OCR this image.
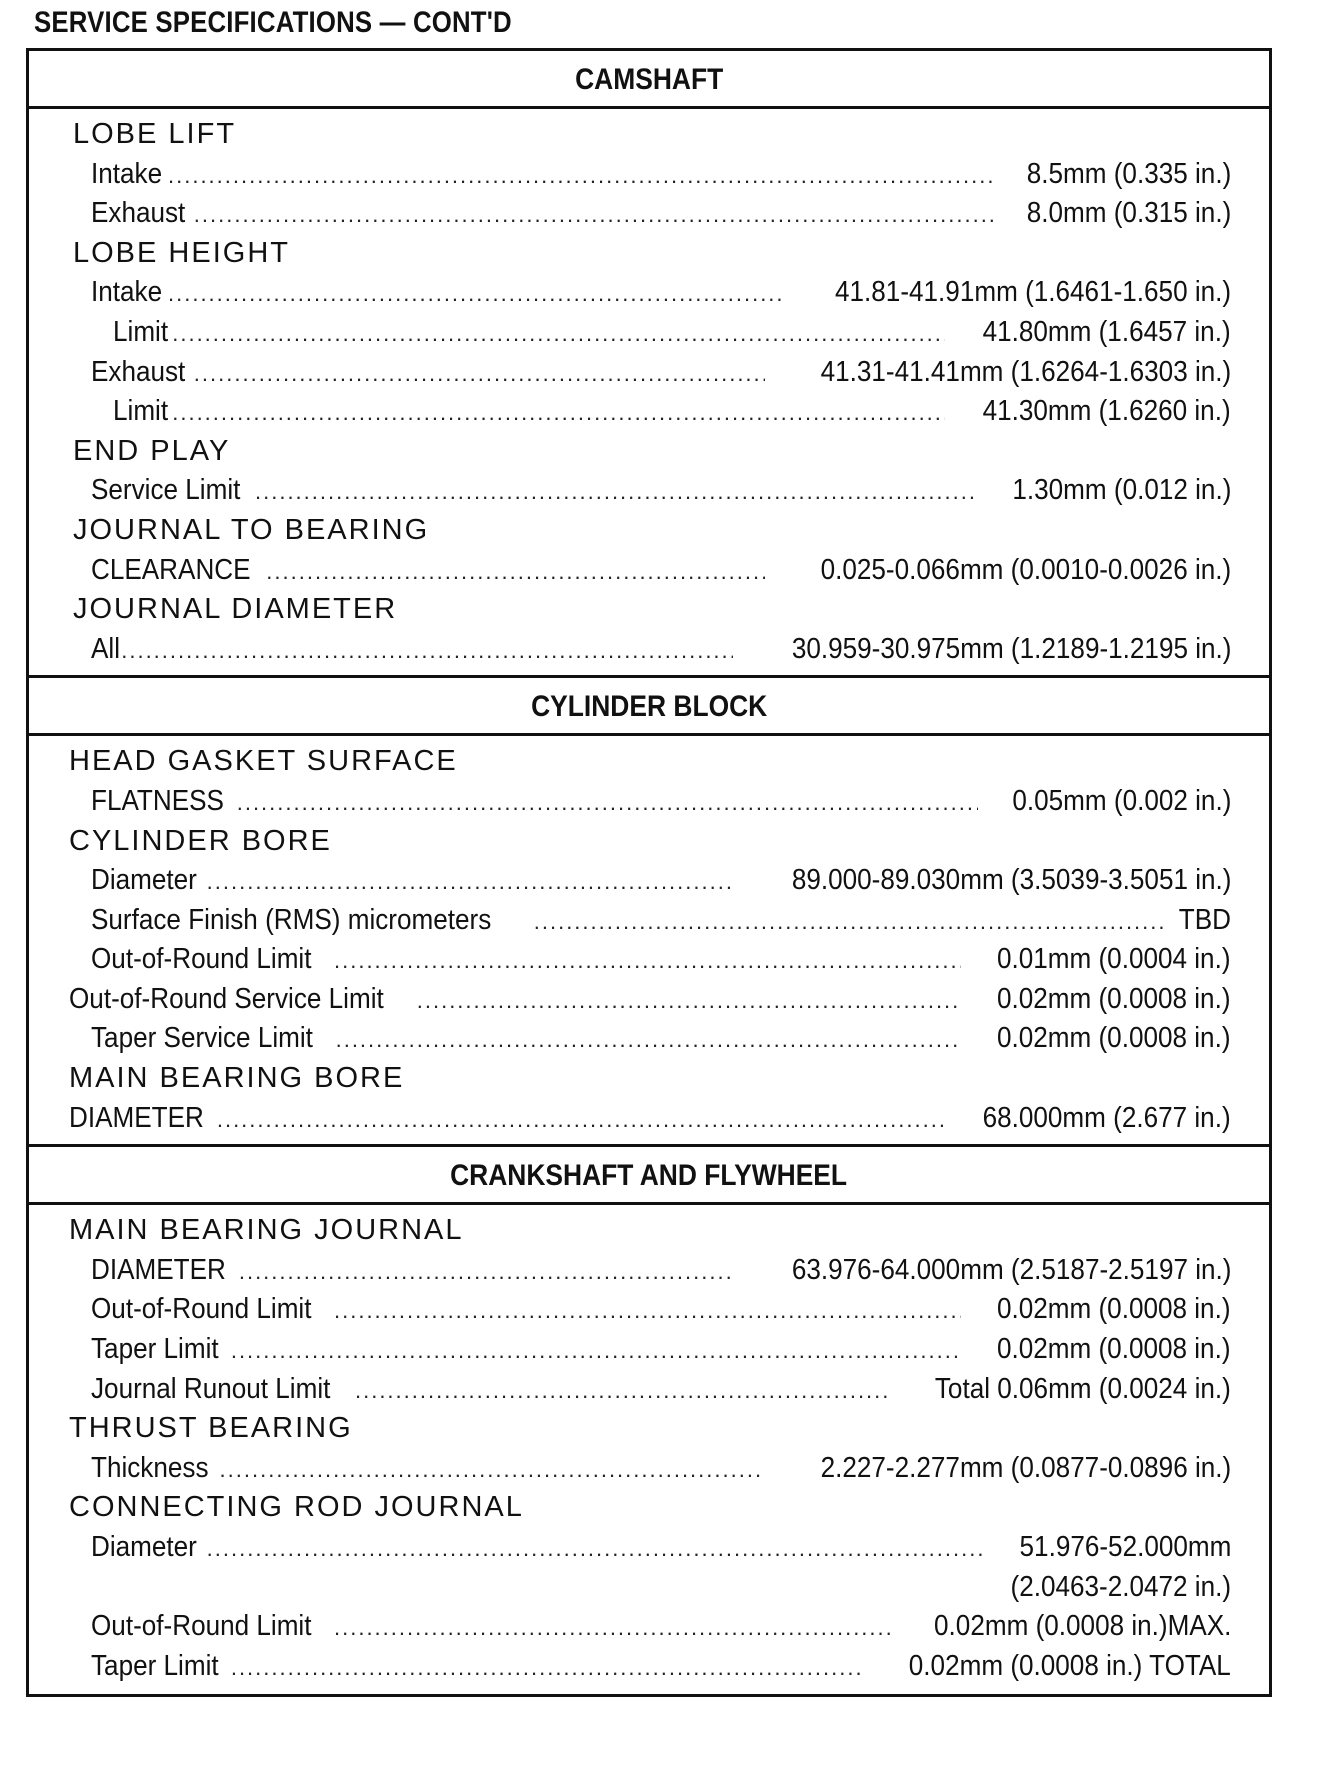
SERVICE SPECIFICATIONS — CONT'D
CAMSHAFT
LOBE LIFT
Intake .....	8.5mm (0.335 in.)
Exhaust .....	8.0mm (0.315 in.)
LOBE HEIGHT
Intake .....	41.81-41.91mm (1.6461-1.650 in.)
Limit .....	41.80mm (1.6457 in.)
Exhaust .....	41.31-41.41mm (1.6264-1.6303 in.)
Limit .....	41.30mm (1.6260 in.)
END PLAY
Service Limit .....	1.30mm (0.012 in.)
JOURNAL TO BEARING
CLEARANCE .....	0.025-0.066mm (0.0010-0.0026 in.)
JOURNAL DIAMETER
All .....	30.959-30.975mm (1.2189-1.2195 in.)
CYLINDER BLOCK
HEAD GASKET SURFACE
FLATNESS .....	0.05mm (0.002 in.)
CYLINDER BORE
Diameter .....	89.000-89.030mm (3.5039-3.5051 in.)
Surface Finish (RMS) micrometers .....	TBD
Out-of-Round Limit .....	0.01mm (0.0004 in.)
Out-of-Round Service Limit .....	0.02mm (0.0008 in.)
Taper Service Limit .....	0.02mm (0.0008 in.)
MAIN BEARING BORE
DIAMETER .....	68.000mm (2.677 in.)
CRANKSHAFT AND FLYWHEEL
MAIN BEARING JOURNAL
DIAMETER .....	63.976-64.000mm (2.5187-2.5197 in.)
Out-of-Round Limit .....	0.02mm (0.0008 in.)
Taper Limit .....	0.02mm (0.0008 in.)
Journal Runout Limit .....	Total 0.06mm (0.0024 in.)
THRUST BEARING
Thickness .....	2.227-2.277mm (0.0877-0.0896 in.)
CONNECTING ROD JOURNAL
Diameter .....	51.976-52.000mm
(2.0463-2.0472 in.)
Out-of-Round Limit .....	0.02mm (0.0008 in.)MAX.
Taper Limit .....	0.02mm (0.0008 in.) TOTAL
